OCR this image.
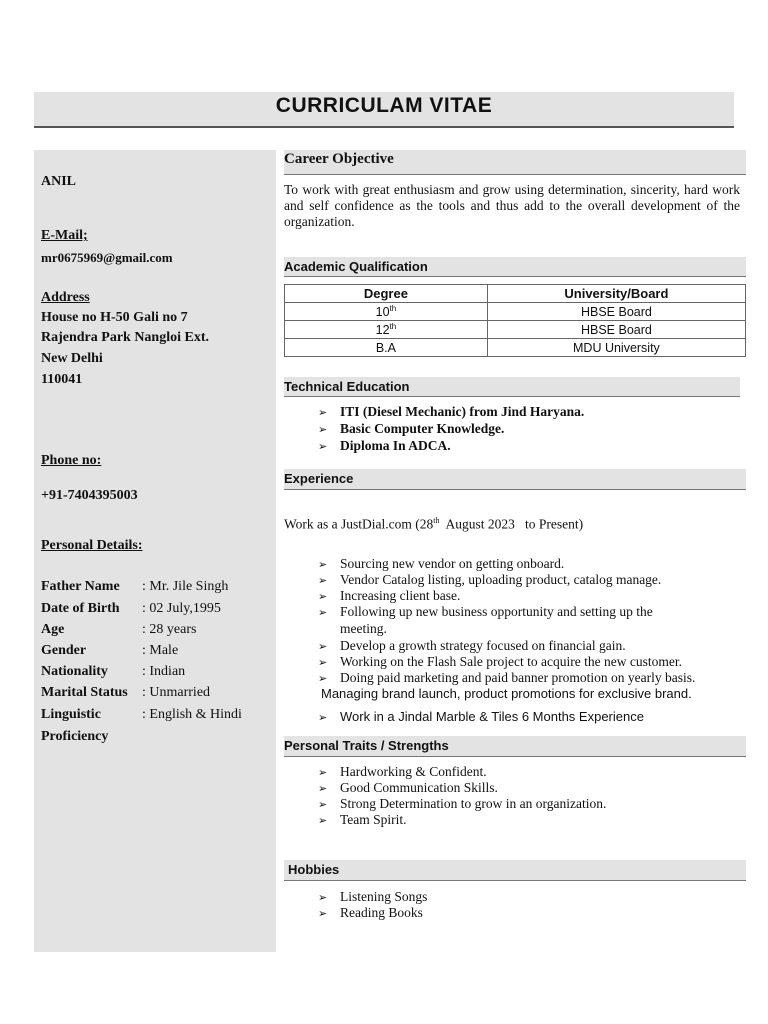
CURRICULAM VITAE
ANIL
E-Mail;
mr0675969@gmail.com
Address
House no H-50 Gali no 7
Rajendra Park Nangloi Ext.
New Delhi
110041
Phone no:
+91-7404395003
Personal Details:
Father Name : Mr. Jile Singh
Date of Birth : 02 July,1995
Age	: 28 years
Gender	: Male
Nationality : Indian
Marital Status : Unmarried
Linguistic	: English & Hindi
Proficiency
Career Objective
To work with great enthusiasm and grow using determination, sincerity, hard work and self confidence as the tools and thus add to the overall development of the organization.
Academic Qualification
Degree	University/Board
10th	HBSE Board
12th	HBSE Board
B.A	MDU University
Technical Education
➢ ITI (Diesel Mechanic) from Jind Haryana.
➢ Basic Computer Knowledge.
➢ Diploma In ADCA.
Experience
Work as a JustDial.com (28th  August 2023   to Present)
➢ Sourcing new vendor on getting onboard.
➢ Vendor Catalog listing, uploading product, catalog manage.
➢ Increasing client base.
➢ Following up new business opportunity and setting up the
meeting.
➢ Develop a growth strategy focused on financial gain.
➢ Working on the Flash Sale project to acquire the new customer.
➢ Doing paid marketing and paid banner promotion on yearly basis.
Managing brand launch, product promotions for exclusive brand.
➢ Work in a Jindal Marble & Tiles 6 Months Experience
Personal Traits / Strengths
➢ Hardworking & Confident.
➢ Good Communication Skills.
➢ Strong Determination to grow in an organization.
➢ Team Spirit.
Hobbies
➢ Listening Songs
➢ Reading Books
